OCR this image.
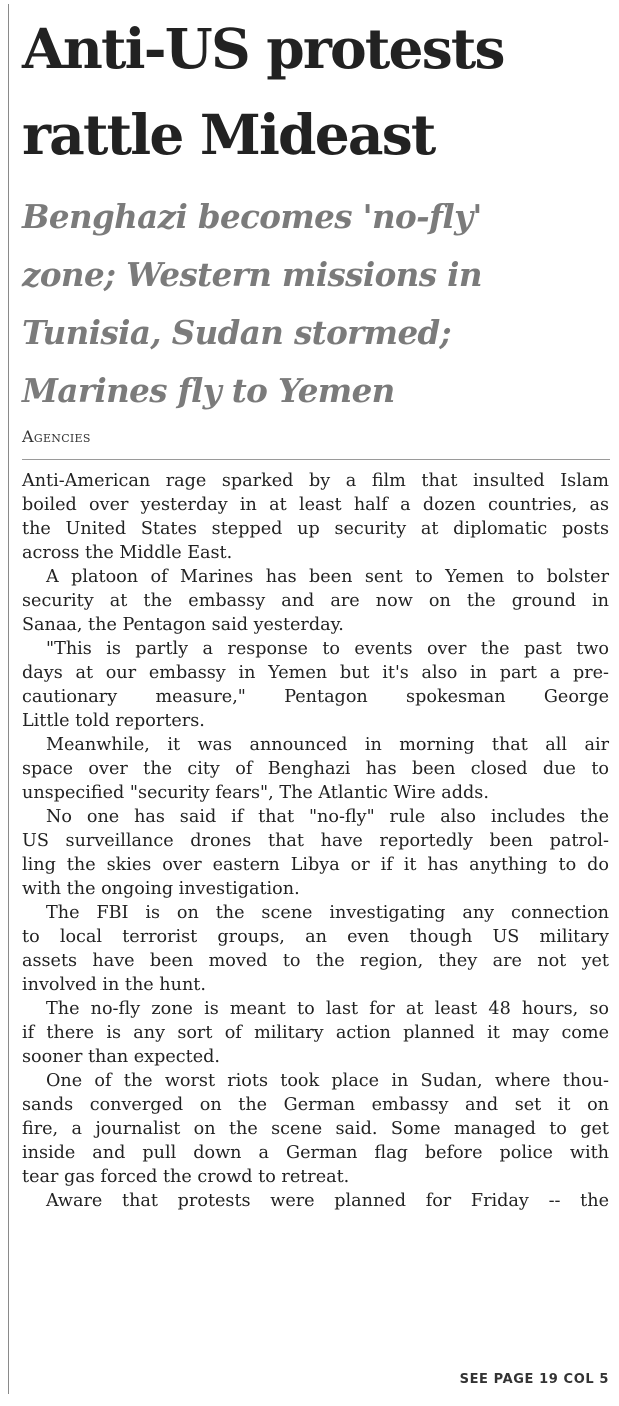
Anti-US protests
rattle Mideast
Benghazi becomes 'no-fly'
zone; Western missions in
Tunisia, Sudan stormed;
Marines fly to Yemen
Agencies
Anti-American rage sparked by a film that insulted Islam
boiled over yesterday in at least half a dozen countries, as
the United States stepped up security at diplomatic posts
across the Middle East.
A platoon of Marines has been sent to Yemen to bolster
security at the embassy and are now on the ground in
Sanaa, the Pentagon said yesterday.
"This is partly a response to events over the past two
days at our embassy in Yemen but it's also in part a pre-
cautionary measure," Pentagon spokesman George
Little told reporters.
Meanwhile, it was announced in morning that all air
space over the city of Benghazi has been closed due to
unspecified "security fears", The Atlantic Wire adds.
No one has said if that "no-fly" rule also includes the
US surveillance drones that have reportedly been patrol-
ling the skies over eastern Libya or if it has anything to do
with the ongoing investigation.
The FBI is on the scene investigating any connection
to local terrorist groups, an even though US military
assets have been moved to the region, they are not yet
involved in the hunt.
The no-fly zone is meant to last for at least 48 hours, so
if there is any sort of military action planned it may come
sooner than expected.
One of the worst riots took place in Sudan, where thou-
sands converged on the German embassy and set it on
fire, a journalist on the scene said. Some managed to get
inside and pull down a German flag before police with
tear gas forced the crowd to retreat.
Aware that protests were planned for Friday -- the
SEE PAGE 19 COL 5
